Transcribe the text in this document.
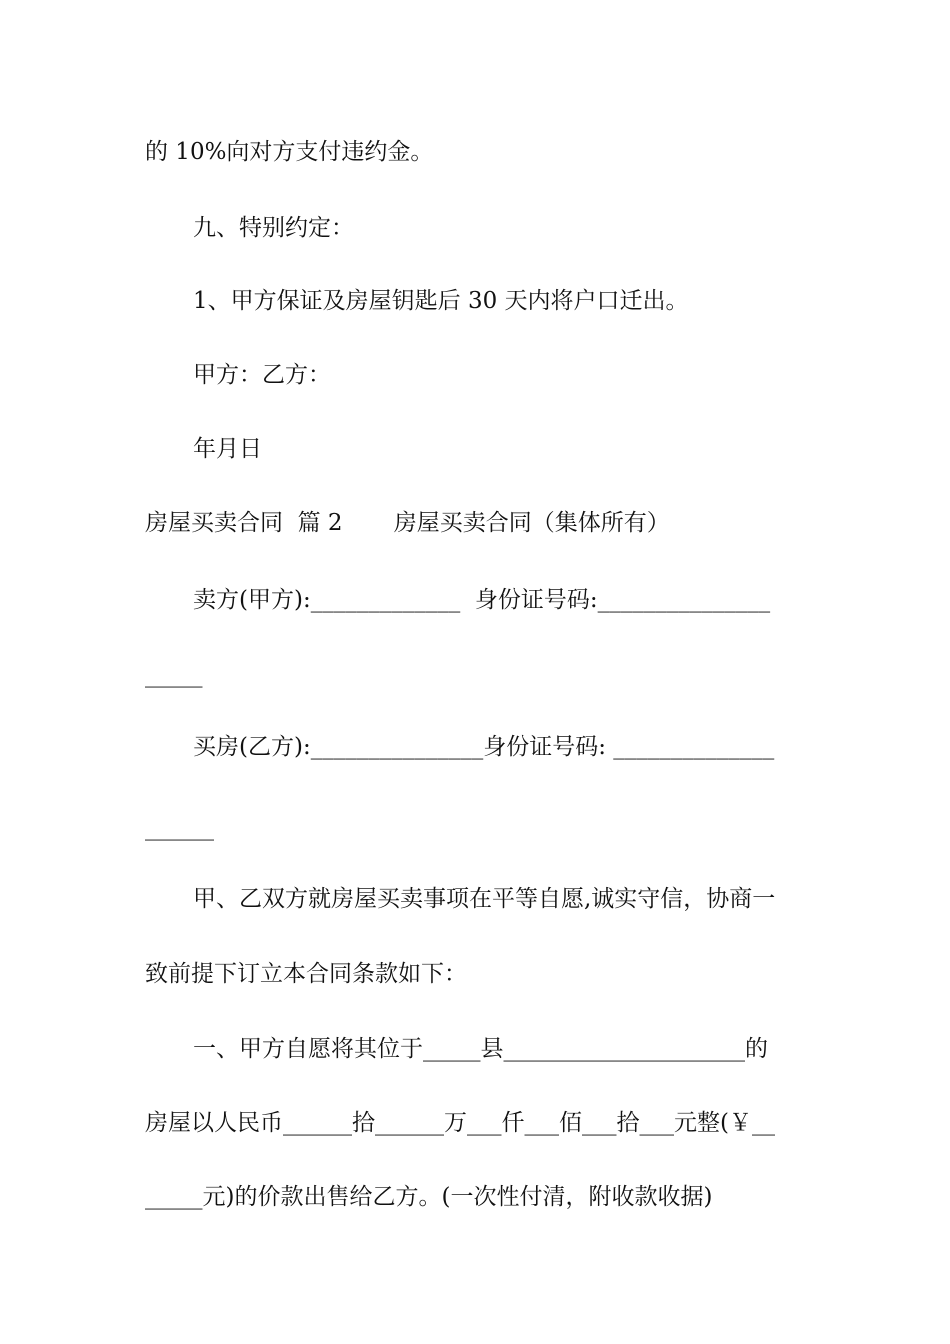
的 10%向对方支付违约金。
九、特别约定：
1、甲方保证及房屋钥匙后 30 天内将户口迁出。
甲方：乙方：
年月日
房屋买卖合同  篇 2       房屋买卖合同（集体所有）
卖方(甲方):_____________  身份证号码:_______________
_____
买房(乙方):_______________身份证号码: ______________
______
甲、乙双方就房屋买卖事项在平等自愿,诚实守信，协商一
致前提下订立本合同条款如下：
一、甲方自愿将其位于_____县_____________________的
房屋以人民币______拾______万___仟___佰___拾___元整(￥__
_____元)的价款出售给乙方。(一次性付清，附收款收据)
